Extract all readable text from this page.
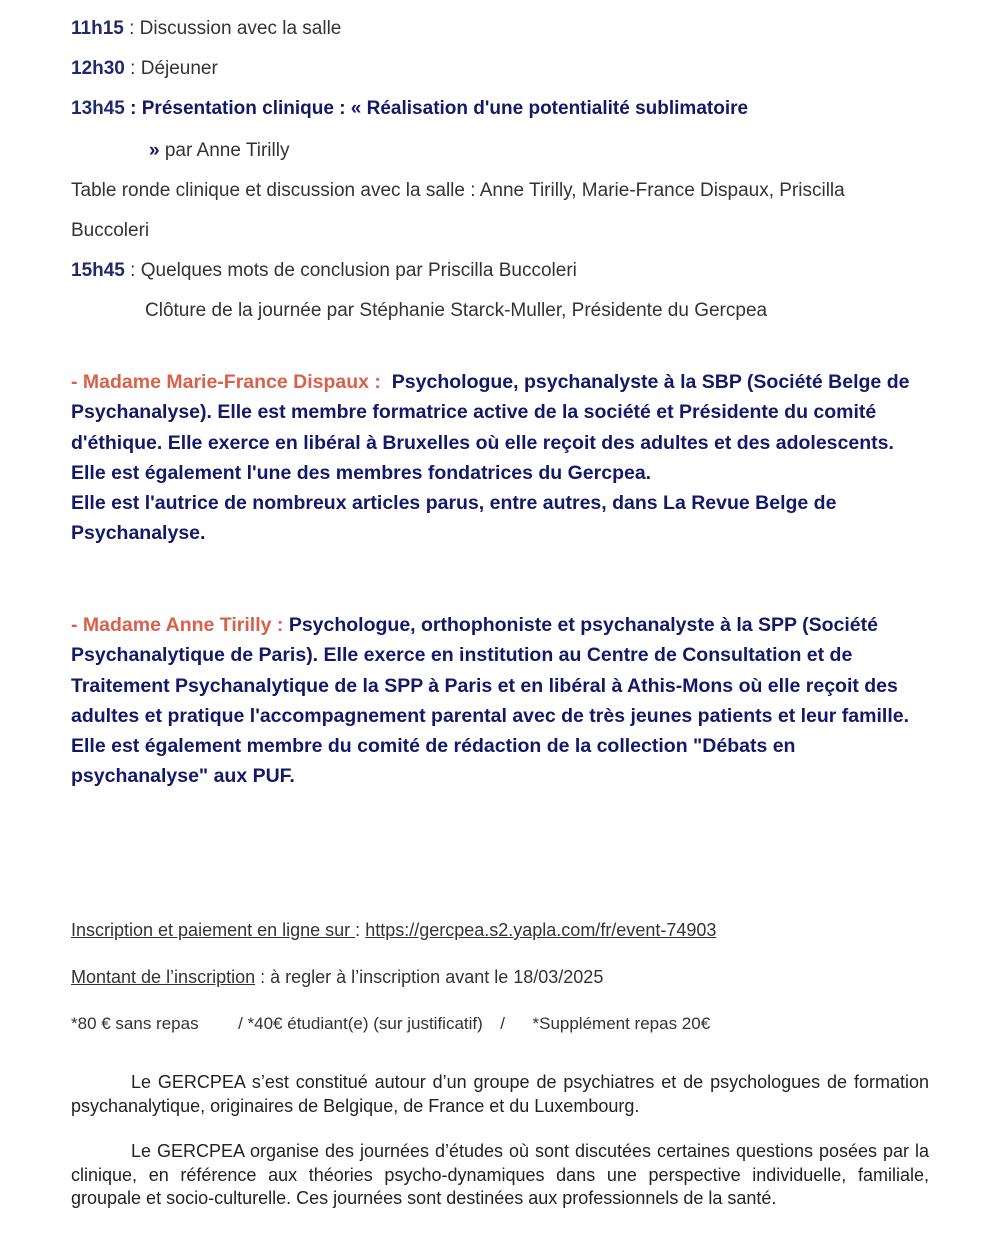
11h15 : Discussion avec la salle
12h30 : Déjeuner
13h45 : Présentation clinique : « Réalisation d'une potentialité sublimatoire
» par Anne Tirilly
Table ronde clinique et discussion avec la salle : Anne Tirilly, Marie-France Dispaux, Priscilla
Buccoleri
15h45 : Quelques mots de conclusion par Priscilla Buccoleri
Clôture de la journée par Stéphanie Starck-Muller, Présidente du Gercpea
- Madame Marie-France Dispaux : Psychologue, psychanalyste à la SBP (Société Belge de Psychanalyse). Elle est membre formatrice active de la société et Présidente du comité d'éthique. Elle exerce en libéral à Bruxelles où elle reçoit des adultes et des adolescents.
Elle est également l'une des membres fondatrices du Gercpea.
Elle est l'autrice de nombreux articles parus, entre autres, dans La Revue Belge de Psychanalyse.
- Madame Anne Tirilly : Psychologue, orthophoniste et psychanalyste à la SPP (Société Psychanalytique de Paris). Elle exerce en institution au Centre de Consultation et de Traitement Psychanalytique de la SPP à Paris et en libéral à Athis-Mons où elle reçoit des adultes et pratique l'accompagnement parental avec de très jeunes patients et leur famille. Elle est également membre du comité de rédaction de la collection "Débats en psychanalyse" aux PUF.
Inscription et paiement en ligne sur : https://gercpea.s2.yapla.com/fr/event-74903
Montant de l’inscription : à regler à l’inscription avant le 18/03/2025
*80 € sans repas / *40€ étudiant(e) (sur justificatif) / *Supplément repas 20€
Le GERCPEA s’est constitué autour d’un groupe de psychiatres et de psychologues de formation psychanalytique, originaires de Belgique, de France et du Luxembourg.
Le GERCPEA organise des journées d’études où sont discutées certaines questions posées par la clinique, en référence aux théories psycho-dynamiques dans une perspective individuelle, familiale, groupale et socio-culturelle. Ces journées sont destinées aux professionnels de la santé.
